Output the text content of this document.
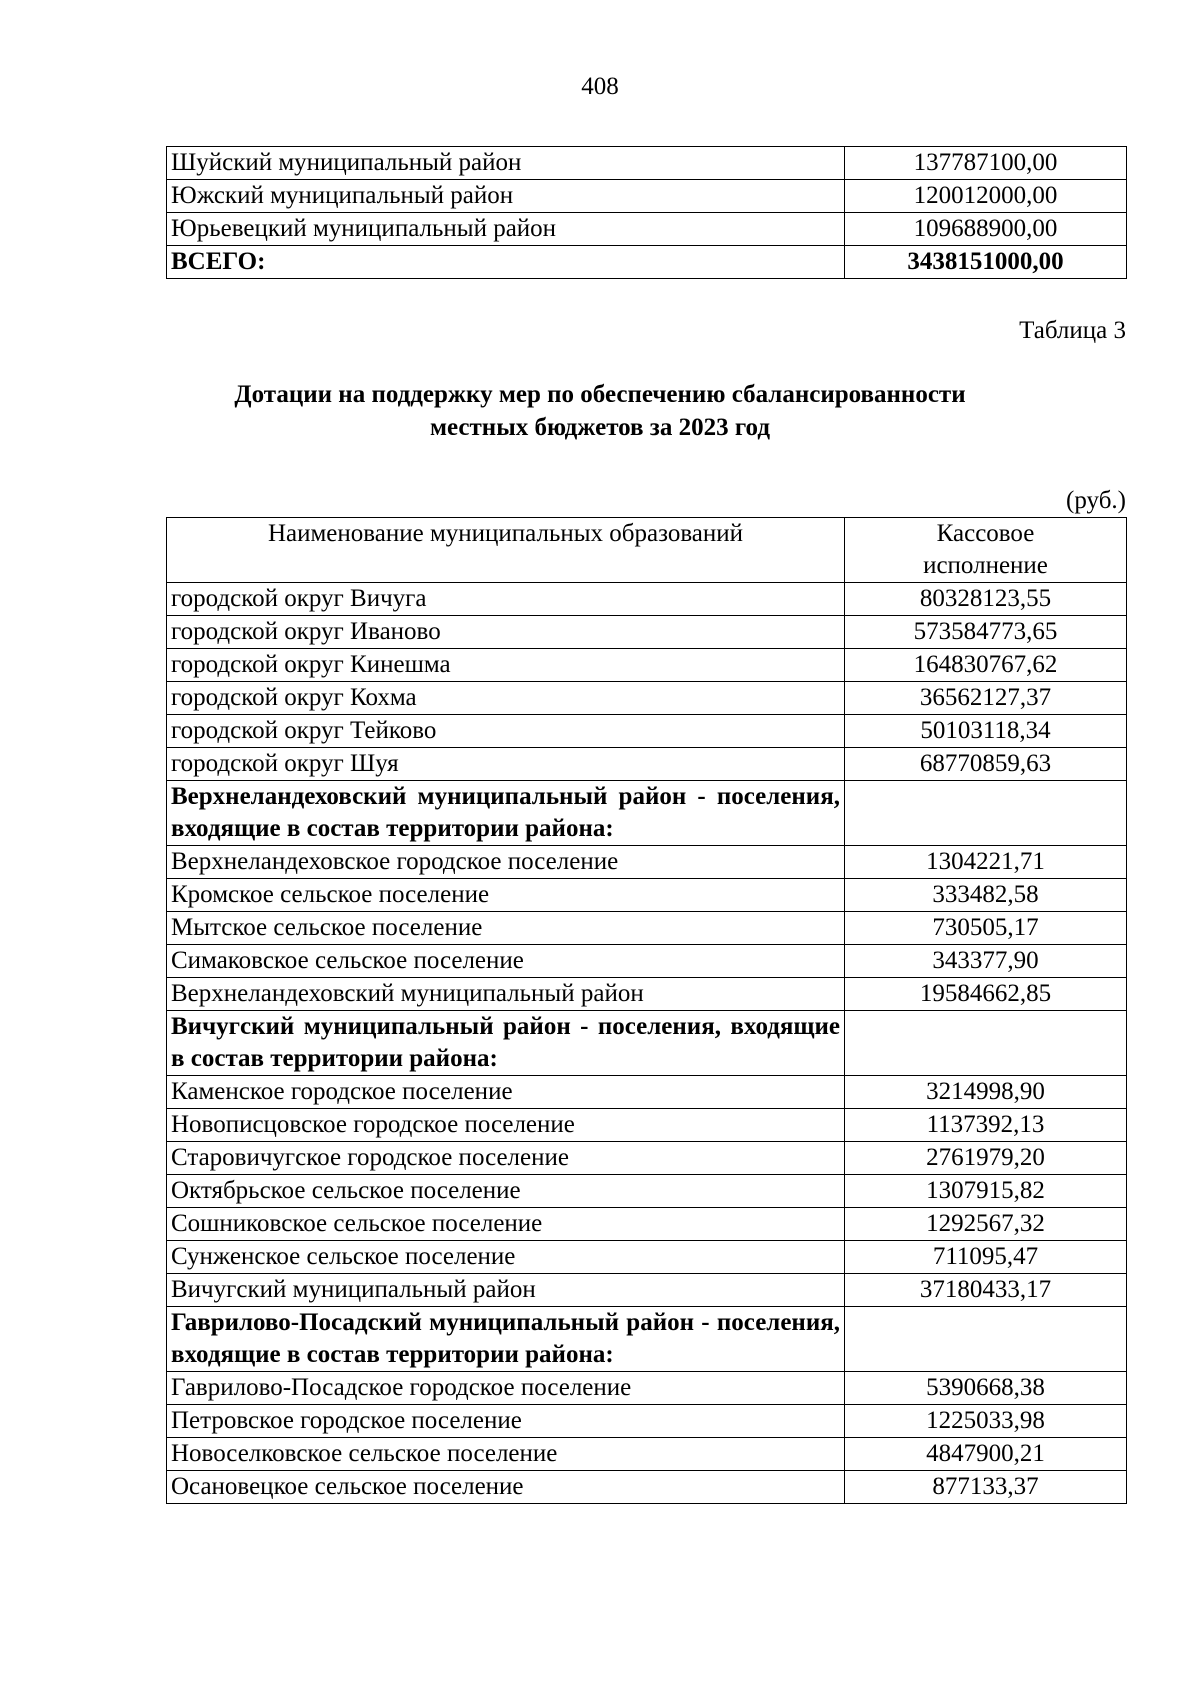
408
Шуйский муниципальный район	137787100,00
Южский муниципальный район	120012000,00
Юрьевецкий муниципальный район	109688900,00
ВСЕГО:	3438151000,00
Таблица 3
Дотации на поддержку мер по обеспечению сбалансированности
местных бюджетов за 2023 год
(руб.)
Наименование муниципальных образований	Кассовое
исполнение

городской округ Вичуга	80328123,55
городской округ Иваново	573584773,65
городской округ Кинешма	164830767,62
городской округ Кохма	36562127,37
городской округ Тейково	50103118,34
городской округ Шуя	68770859,63
Верхнеландеховский муниципальный район - поселения, входящие в состав территории района:	
Верхнеландеховское городское поселение	1304221,71
Кромское сельское поселение	333482,58
Мытское сельское поселение	730505,17
Симаковское сельское поселение	343377,90
Верхнеландеховский муниципальный район	19584662,85
Вичугский муниципальный район - поселения, входящие в состав территории района:	
Каменское городское поселение	3214998,90
Новописцовское городское поселение	1137392,13
Старовичугское городское поселение	2761979,20
Октябрьское сельское поселение	1307915,82
Сошниковское сельское поселение	1292567,32
Сунженское сельское поселение	711095,47
Вичугский муниципальный район	37180433,17
Гаврилово-Посадский муниципальный район - поселения, входящие в состав территории района:	
Гаврилово-Посадское городское поселение	5390668,38
Петровское городское поселение	1225033,98
Новоселковское сельское поселение	4847900,21
Осановецкое сельское поселение	877133,37
